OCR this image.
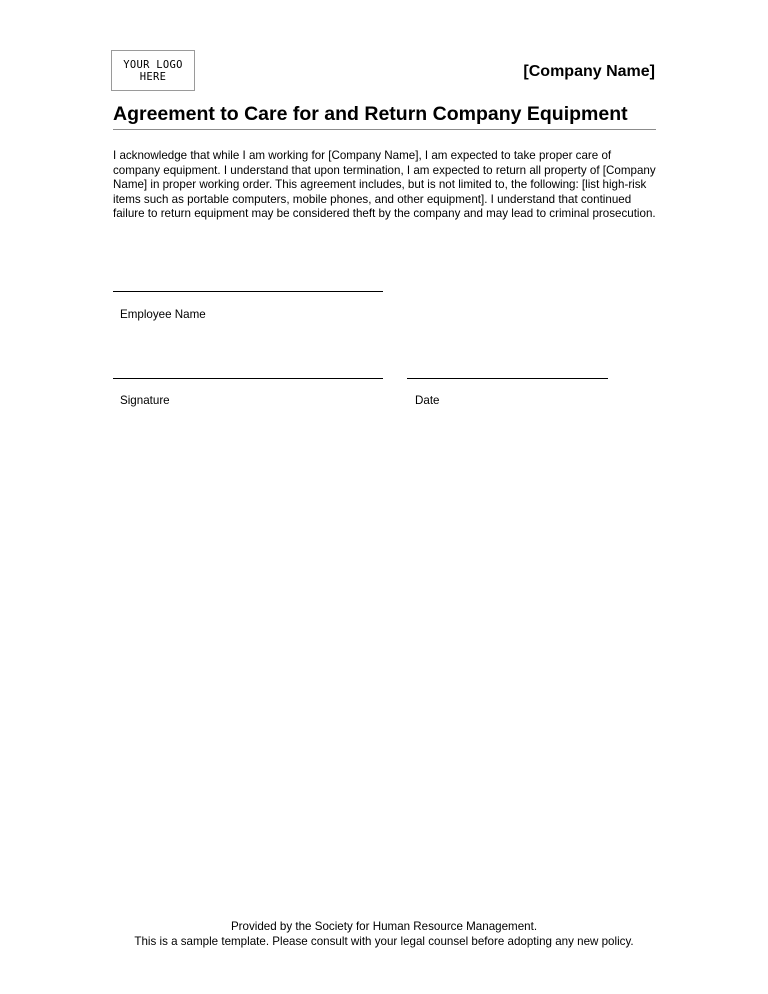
YOUR LOGO
HERE	[Company Name]
Agreement to Care for and Return Company Equipment
I acknowledge that while I am working for [Company Name], I am expected to take proper care of company equipment. I understand that upon termination, I am expected to return all property of [Company Name] in proper working order. This agreement includes, but is not limited to, the following: [list high-risk items such as portable computers, mobile phones, and other equipment]. I understand that continued failure to return equipment may be considered theft by the company and may lead to criminal prosecution.
Employee Name
Signature	Date
Provided by the Society for Human Resource Management.
This is a sample template. Please consult with your legal counsel before adopting any new policy.
